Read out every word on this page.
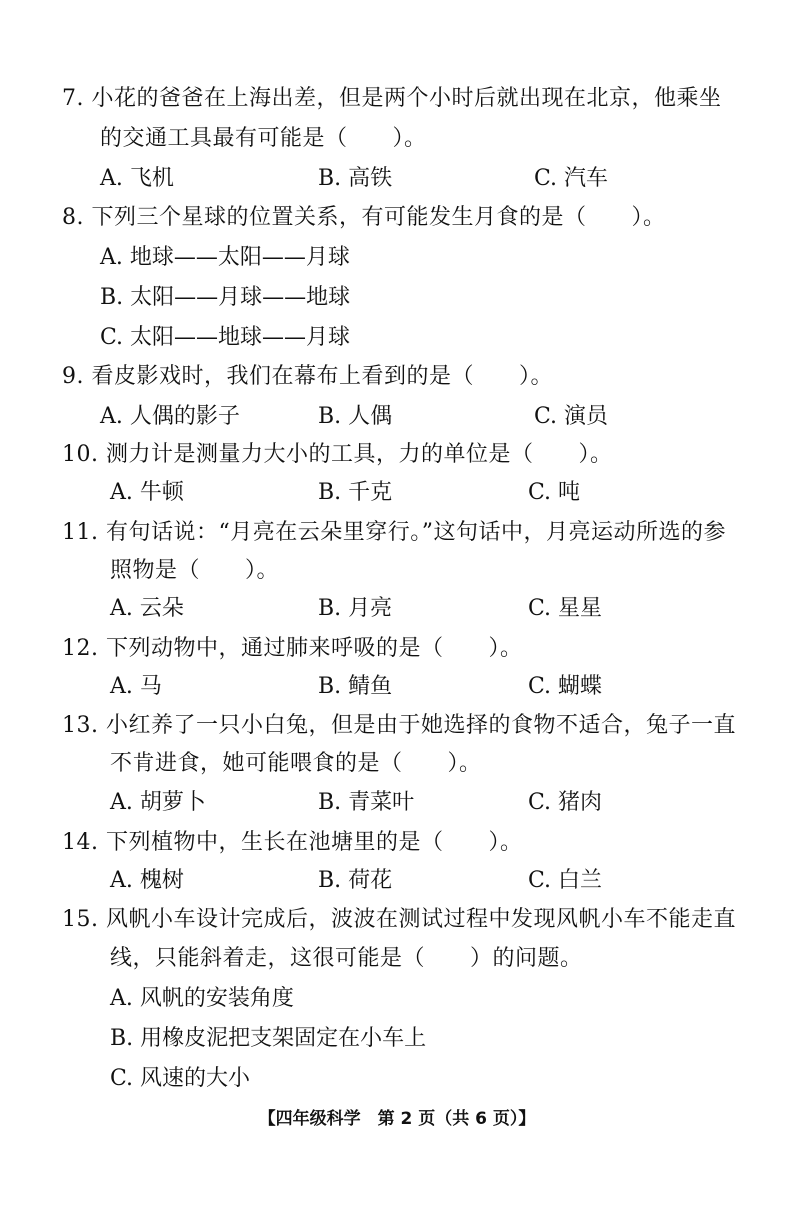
7. 小花的爸爸在上海出差，但是两个小时后就出现在北京，他乘坐
的交通工具最有可能是（　　）。
A. 飞机	B. 高铁	C. 汽车
8. 下列三个星球的位置关系，有可能发生月食的是（　　）。
A. 地球——太阳——月球
B. 太阳——月球——地球
C. 太阳——地球——月球
9. 看皮影戏时，我们在幕布上看到的是（　　）。
A. 人偶的影子	B. 人偶	C. 演员
10. 测力计是测量力大小的工具，力的单位是（　　）。
A. 牛顿	B. 千克	C. 吨
11. 有句话说：“月亮在云朵里穿行。”这句话中，月亮运动所选的参
照物是（　　）。
A. 云朵	B. 月亮	C. 星星
12. 下列动物中，通过肺来呼吸的是（　　）。
A. 马	B. 鲭鱼	C. 蝴蝶
13. 小红养了一只小白兔，但是由于她选择的食物不适合，兔子一直
不肯进食，她可能喂食的是（　　）。
A. 胡萝卜	B. 青菜叶	C. 猪肉
14. 下列植物中，生长在池塘里的是（　　）。
A. 槐树	B. 荷花	C. 白兰
15. 风帆小车设计完成后，波波在测试过程中发现风帆小车不能走直
线，只能斜着走，这很可能是（　　）的问题。
A. 风帆的安装角度
B. 用橡皮泥把支架固定在小车上
C. 风速的大小
【四年级科学　第 2 页（共 6 页）】
